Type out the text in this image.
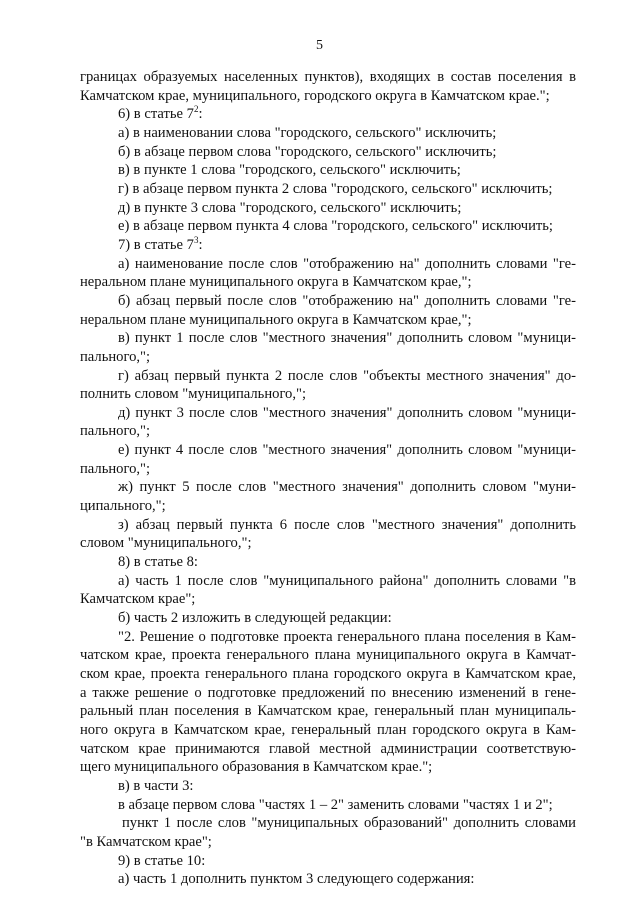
5
границах образуемых населенных пунктов), входящих в состав поселения в
Камчатском крае, муниципального, городского округа в Камчатском крае.";
6) в статье $7^2$:
а) в наименовании слова "городского, сельского" исключить;
б) в абзаце первом слова "городского, сельского" исключить;
в) в пункте 1 слова "городского, сельского" исключить;
г) в абзаце первом пункта 2 слова "городского, сельского" исключить;
д) в пункте 3 слова "городского, сельского" исключить;
е) в абзаце первом пункта 4 слова "городского, сельского" исключить;
7) в статье $7^3$:
а) наименование после слов "отображению на" дополнить словами "ге-
неральном плане муниципального округа в Камчатском крае,";
б) абзац первый после слов "отображению на" дополнить словами "ге-
неральном плане муниципального округа в Камчатском крае,";
в) пункт 1 после слов "местного значения" дополнить словом "муници-
пального,";
г) абзац первый пункта 2 после слов "объекты местного значения" до-
полнить словом "муниципального,";
д) пункт 3 после слов "местного значения" дополнить словом "муници-
пального,";
е) пункт 4 после слов "местного значения" дополнить словом "муници-
пального,";
ж) пункт 5 после слов "местного значения" дополнить словом "муни-
ципального,";
з) абзац первый пункта 6 после слов "местного значения" дополнить
словом "муниципального,";
8) в статье 8:
а) часть 1 после слов "муниципального района" дополнить словами "в
Камчатском крае";
б) часть 2 изложить в следующей редакции:
"2. Решение о подготовке проекта генерального плана поселения в Кам-
чатском крае, проекта генерального плана муниципального округа в Камчат-
ском крае, проекта генерального плана городского округа в Камчатском крае,
а также решение о подготовке предложений по внесению изменений в гене-
ральный план поселения в Камчатском крае, генеральный план муниципаль-
ного округа в Камчатском крае, генеральный план городского округа в Кам-
чатском крае принимаются главой местной администрации соответствую-
щего муниципального образования в Камчатском крае.";
в) в части 3:
в абзаце первом слова "частях 1 – 2" заменить словами "частях 1 и 2";
пункт 1 после слов "муниципальных образований" дополнить словами
"в Камчатском крае";
9) в статье 10:
а) часть 1 дополнить пунктом 3 следующего содержания:
